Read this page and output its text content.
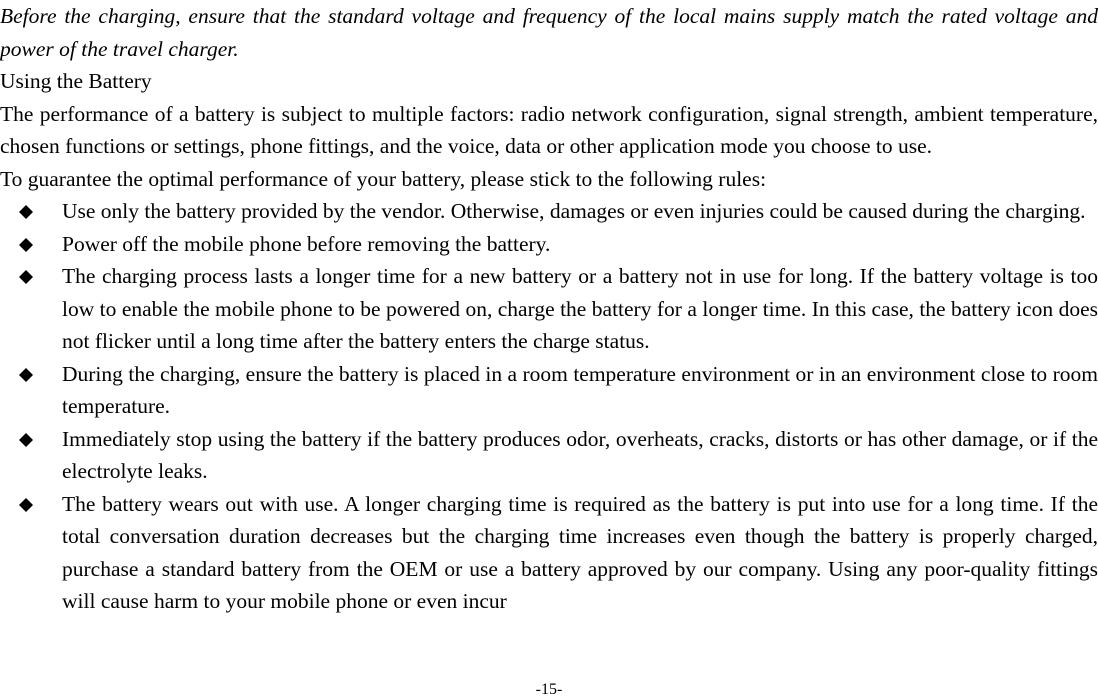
Before the charging, ensure that the standard voltage and frequency of the local mains supply match the rated voltage and power of the travel charger.

Using the Battery

The performance of a battery is subject to multiple factors: radio network configuration, signal strength, ambient temperature, chosen functions or settings, phone fittings, and the voice, data or other application mode you choose to use.

To guarantee the optimal performance of your battery, please stick to the following rules:

Use only the battery provided by the vendor. Otherwise, damages or even injuries could be caused during the charging.
Power off the mobile phone before removing the battery.
The charging process lasts a longer time for a new battery or a battery not in use for long. If the battery voltage is too low to enable the mobile phone to be powered on, charge the battery for a longer time. In this case, the battery icon does not flicker until a long time after the battery enters the charge status.
During the charging, ensure the battery is placed in a room temperature environment or in an environment close to room temperature.
Immediately stop using the battery if the battery produces odor, overheats, cracks, distorts or has other damage, or if the electrolyte leaks.
The battery wears out with use. A longer charging time is required as the battery is put into use for a long time. If the total conversation duration decreases but the charging time increases even though the battery is properly charged, purchase a standard battery from the OEM or use a battery approved by our company. Using any poor-quality fittings will cause harm to your mobile phone or even incur
-15-
